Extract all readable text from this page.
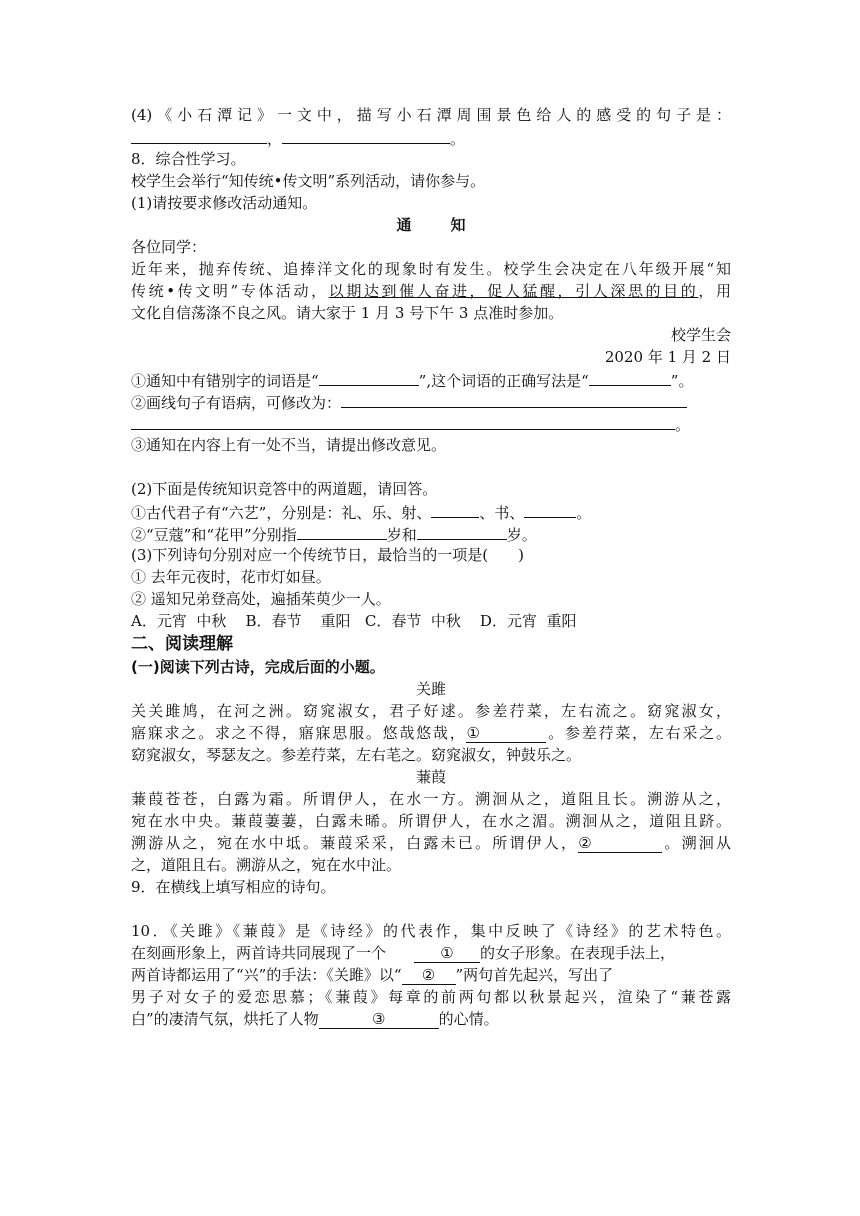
(4)《小石潭记》一文中，描写小石潭周围景色给人的感受的句子是：
，	。
8．综合性学习。
校学生会举行“知传统•传文明”系列活动，请你参与。
(1)请按要求修改活动通知。
通　知
各位同学：
近年来，抛弃传统、追捧洋文化的现象时有发生。校学生会决定在八年级开展“知
传统•传文明”专体活动，以期达到催人奋进，促人猛醒，引人深思的目的，用
文化自信荡涤不良之风。请大家于 1 月 3 号下午 3 点准时参加。
校学生会
2020 年 1 月 2 日
①通知中有错别字的词语是“	”,这个词语的正确写法是“	”。
②画线句子有语病，可修改为：
。
③通知在内容上有一处不当，请提出修改意见。
(2)下面是传统知识竞答中的两道题，请回答。
①古代君子有“六艺”，分别是：礼、乐、射、	、书、	。
②“豆蔻”和“花甲”分别指	岁和	岁。
(3)下列诗句分别对应一个传统节日，最恰当的一项是(　　)
① 去年元夜时，花市灯如昼。
② 遥知兄弟登高处，遍插茱萸少一人。
A．元宵  中秋    B．春节    重阳   C．春节  中秋    D．元宵  重阳
二、阅读理解
(一)阅读下列古诗，完成后面的小题。
关雎
关关雎鸠，在河之洲。窈窕淑女，君子好逑。参差荇菜，左右流之。窈窕淑女，
寤寐求之。求之不得，寤寐思服。悠哉悠哉，①	。参差荇菜，左右采之。
窈窕淑女，琴瑟友之。参差荇菜，左右芼之。窈窕淑女，钟鼓乐之。
蒹葭
蒹葭苍苍，白露为霜。所谓伊人，在水一方。溯洄从之，道阻且长。溯游从之，
宛在水中央。蒹葭萋萋，白露未晞。所谓伊人，在水之湄。溯洄从之，道阻且跻。
溯游从之，宛在水中坻。蒹葭采采，白露未已。所谓伊人，②	。溯洄从
之，道阻且右。溯游从之，宛在水中沚。
9．在横线上填写相应的诗句。
10．《关雎》《蒹葭》是《诗经》的代表作，集中反映了《诗经》的艺术特色。
在刻画形象上，两首诗共同展现了一个	① 的女子形象。在表现手法上，
两首诗都运用了“兴”的手法：《关雎》以“ ② ”两句首先起兴，写出了
男子对女子的爱恋思慕；《蒹葭》每章的前两句都以秋景起兴，渲染了“蒹苍露
白”的凄清气氛，烘托了人物	③	的心情。
